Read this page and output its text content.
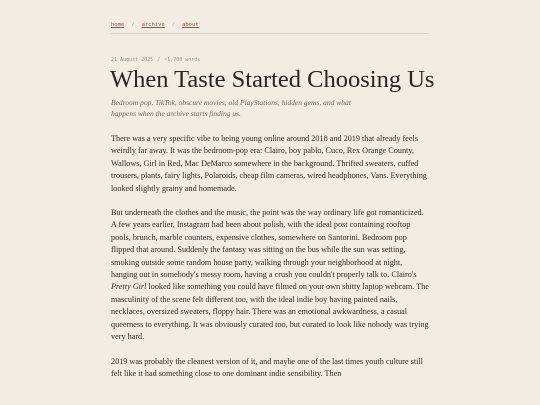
home / archive / about
21 August 2025 / ~1,700 words
When Taste Started Choosing Us

Bedroom pop, TikTok, obscure movies, old PlayStations, hidden gems, and what happens when the archive starts finding us.

There was a very specific vibe to being young online around 2018 and 2019 that already feels weirdly far away. It was the bedroom-pop era: Clairo, boy pablo, Cuco, Rex Orange County, Wallows, Girl in Red, Mac DeMarco somewhere in the background. Thrifted sweaters, cuffed trousers, plants, fairy lights, Polaroids, cheap film cameras, wired headphones, Vans. Everything looked slightly grainy and homemade.

But underneath the clothes and the music, the point was the way ordinary life got romanticized. A few years earlier, Instagram had been about polish, with the ideal post containing rooftop pools, brunch, marble counters, expensive clothes, somewhere on Santorini. Bedroom pop flipped that around. Suddenly the fantasy was sitting on the bus while the sun was setting, smoking outside some random house party, walking through your neighborhood at night, hanging out in somebody's messy room, having a crush you couldn't properly talk to. Clairo's Pretty Girl looked like something you could have filmed on your own shitty laptop webcam. The masculinity of the scene felt different too, with the ideal indie boy having painted nails, necklaces, oversized sweaters, floppy hair. There was an emotional awkwardness, a casual queerness to everything. It was obviously curated too, but curated to look like nobody was trying very hard.

2019 was probably the cleanest version of it, and maybe one of the last times youth culture still felt like it had something close to one dominant indie sensibility. Then
